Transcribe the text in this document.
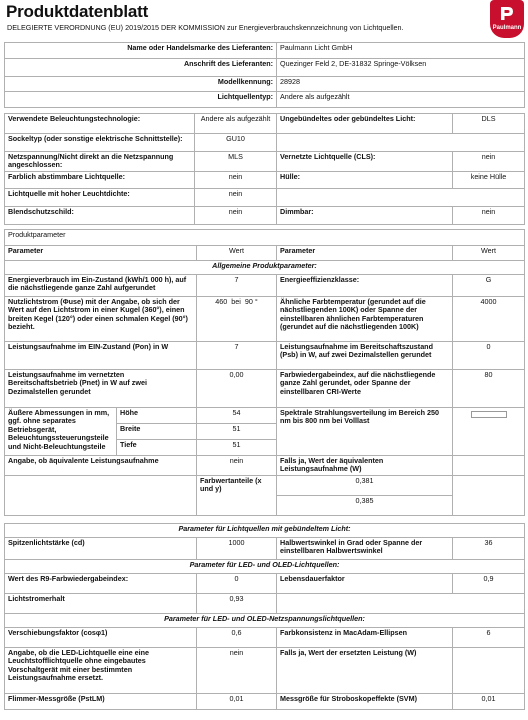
Produktdatenblatt
DELEGIERTE VERORDNUNG (EU) 2019/2015 DER KOMMISSION zur Energieverbrauchskennzeichnung von Lichtquellen.	Paulmann
Name oder Handelsmarke des Lieferanten:	Paulmann Licht GmbH
Anschrift des Lieferanten:	Quezinger Feld 2, DE-31832 Springe-Völksen
Modellkennung:	28928
Lichtquellentyp:	Andere als aufgezählt
Verwendete Beleuchtungstechnologie:	Andere als aufgezählt	Ungebündeltes oder gebündeltes Licht:	DLS
Sockeltyp (oder sonstige elektrische Schnittstelle):	GU10		
Netzspannung/Nicht direkt an die Netzspannung angeschlossen:	MLS	Vernetzte Lichtquelle (CLS):	nein
Farblich abstimmbare Lichtquelle:	nein	Hülle:	keine Hülle
Lichtquelle mit hoher Leuchtdichte:	nein		
Blendschutzschild:	nein	Dimmbar:	nein
Produktparameter				
Parameter		Wert	Parameter	Wert
Allgemeine Produktparameter:				
Energieverbrauch im Ein-Zustand (kWh/1 000 h), auf die nächstliegende ganze Zahl aufgerundet		7	Energieeffizienzklasse:	G
Nutzlichtstrom (Φuse) mit der Angabe, ob sich der Wert auf den Lichtstrom in einer Kugel (360°), einen breiten Kegel (120°) oder einen schmalen Kegel (90°) bezieht.		460 bei 90 °	Ähnliche Farbtemperatur (gerundet auf die nächstliegenden 100K) oder Spanne der einstellbaren ähnlichen Farbtemperaturen (gerundet auf die nächstliegenden 100K)	4000
Leistungsaufnahme im EIN-Zustand (Pon) in W		7	Leistungsaufnahme im Bereitschaftszustand (Psb) in W, auf zwei Dezimalstellen gerundet	0
Leistungsaufnahme im vernetzten Bereitschaftsbetrieb (Pnet) in W auf zwei Dezimalstellen gerundet		0,00	Farbwiedergabeindex, auf die nächstliegende ganze Zahl gerundet, oder Spanne der einstellbaren CRI-Werte	80
Äußere Abmessungen in mm, ggf. ohne separates Betriebsgerät, Beleuchtungssteuerungsteile und Nicht-Beleuchtungsteile	Höhe	54	Spektrale Strahlungsverteilung im Bereich 250 nm bis 800 nm bei Volllast	
	Breite	51		
	Tiefe	51		
Angabe, ob äquivalente Leistungsaufnahme		nein	Falls ja, Wert der äquivalenten Leistungsaufnahme (W)	
		Farbwertanteile (x und y)	0,381	
			0,385	

Parameter für Lichtquellen mit gebündeltem Licht:				
Spitzenlichtstärke (cd)		1000	Halbwertswinkel in Grad oder Spanne der einstellbaren Halbwertswinkel	36
Parameter für LED- und OLED-Lichtquellen:				
Wert des R9-Farbwiedergabeindex:		0	Lebensdauerfaktor	0,9
Lichtstromerhalt		0,93		
Parameter für LED- und OLED-Netzspannungslichtquellen:				
Verschiebungsfaktor (cosφ1)		0,6	Farbkonsistenz in MacAdam-Ellipsen	6
Angabe, ob die LED-Lichtquelle eine eine Leuchtstofflichtquelle ohne eingebautes Vorschaltgerät mit einer bestimmten Leistungsaufnahme ersetzt.		nein	Falls ja, Wert der ersetzten Leistung (W)	
Flimmer-Messgröße (PstLM)		0,01	Messgröße für Stroboskopeffekte (SVM)	0,01
